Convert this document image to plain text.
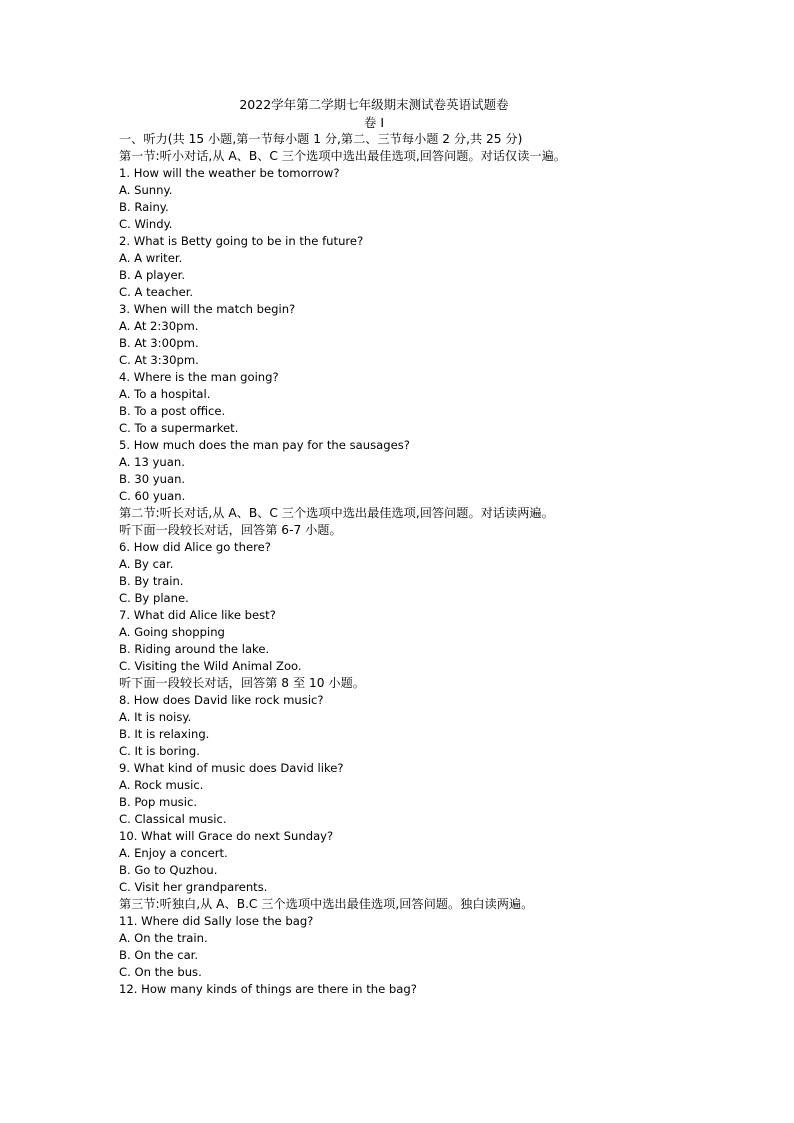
2022学年第二学期七年级期末测试卷英语试题卷
卷 I
一、听力(共 15 小题,第一节每小题 1 分,第二、三节每小题 2 分,共 25 分)
第一节:听小对话,从 A、B、C 三个选项中选出最佳选项,回答问题。对话仅读一遍。
1. How will the weather be tomorrow?
A. Sunny.
B. Rainy.
C. Windy.
2. What is Betty going to be in the future?
A. A writer.
B. A player.
C. A teacher.
3. When will the match begin?
A. At 2:30pm.
B. At 3:00pm.
C. At 3:30pm.
4. Where is the man going?
A. To a hospital.
B. To a post office.
C. To a supermarket.
5. How much does the man pay for the sausages?
A. 13 yuan.
B. 30 yuan.
C. 60 yuan.
第二节:听长对话,从 A、B、C 三个选项中选出最佳选项,回答问题。对话读两遍。
听下面一段较长对话，回答第 6-7 小题。
6. How did Alice go there?
A. By car.
B. By train.
C. By plane.
7. What did Alice like best?
A. Going shopping
B. Riding around the lake.
C. Visiting the Wild Animal Zoo.
听下面一段较长对话，回答第 8 至 10 小题。
8. How does David like rock music?
A. It is noisy.
B. It is relaxing.
C. It is boring.
9. What kind of music does David like?
A. Rock music.
B. Pop music.
C. Classical music.
10. What will Grace do next Sunday?
A. Enjoy a concert.
B. Go to Quzhou.
C. Visit her grandparents.
第三节:听独白,从 A、B.C 三个选项中选出最佳选项,回答问题。独白读两遍。
11. Where did Sally lose the bag?
A. On the train.
B. On the car.
C. On the bus.
12. How many kinds of things are there in the bag?
